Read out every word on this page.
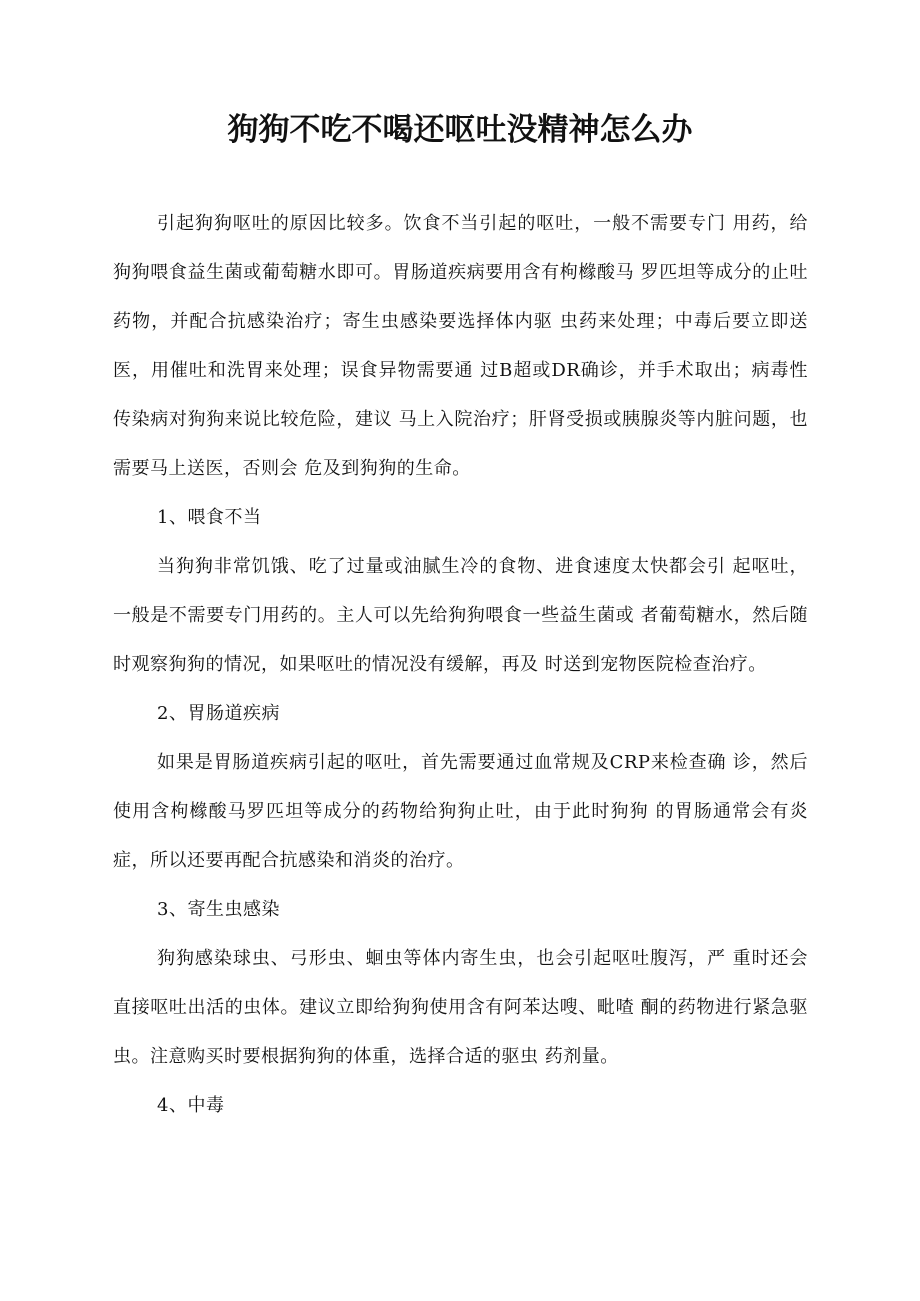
狗狗不吃不喝还呕吐没精神怎么办

引起狗狗呕吐的原因比较多。饮食不当引起的呕吐，一般不需要专门 用药，给狗狗喂食益生菌或葡萄糖水即可。胃肠道疾病要用含有枸橼酸马 罗匹坦等成分的止吐药物，并配合抗感染治疗；寄生虫感染要选择体内驱 虫药来处理；中毒后要立即送医，用催吐和洗胃来处理；误食异物需要通 过B超或DR确诊，并手术取出；病毒性传染病对狗狗来说比较危险，建议 马上入院治疗；肝肾受损或胰腺炎等内脏问题，也需要马上送医，否则会 危及到狗狗的生命。

1、喂食不当

当狗狗非常饥饿、吃了过量或油腻生冷的食物、进食速度太快都会引 起呕吐，一般是不需要专门用药的。主人可以先给狗狗喂食一些益生菌或 者葡萄糖水，然后随时观察狗狗的情况，如果呕吐的情况没有缓解，再及 时送到宠物医院检查治疗。

2、胃肠道疾病

如果是胃肠道疾病引起的呕吐，首先需要通过血常规及CRP来检查确 诊，然后使用含枸橼酸马罗匹坦等成分的药物给狗狗止吐，由于此时狗狗 的胃肠通常会有炎症，所以还要再配合抗感染和消炎的治疗。

3、寄生虫感染

狗狗感染球虫、弓形虫、蛔虫等体内寄生虫，也会引起呕吐腹泻，严 重时还会直接呕吐出活的虫体。建议立即给狗狗使用含有阿苯达嗖、毗喳 酮的药物进行紧急驱虫。注意购买时要根据狗狗的体重，选择合适的驱虫 药剂量。

4、中毒
